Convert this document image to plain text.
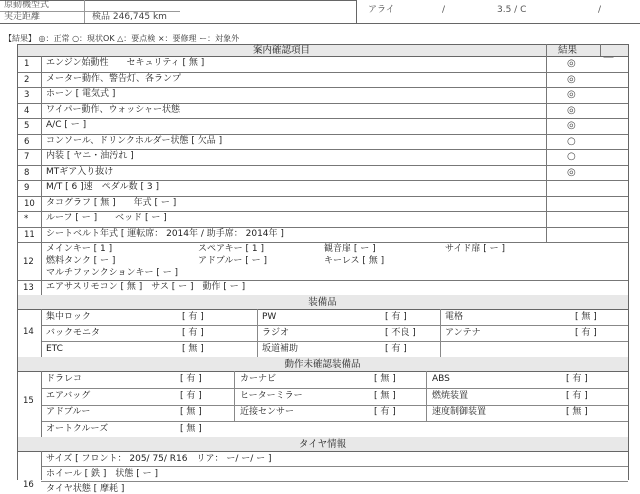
原動機型式
実走距離	検品 246,745 km
アライ	/	3.5 / C	/
【結果】 ◎：正常 ○：現状OK △：要点検 ×：要修理 ー：対象外
案内確認項目	結果
1 エンジン始動性　　セキュリティ [ 無 ]	◎
2 メーター動作、警告灯、各ランプ	◎
3 ホーン [ 電気式 ]	◎
4 ワイパー動作、ウォッシャー状態	◎
5 A/C [ ー ]	◎
6 コンソール、ドリンクホルダー状態 [ 欠品 ]	○
7 内装 [ ヤニ・油汚れ ]	○
8 MTギア入り抜け	◎
9 M/T [ 6 ]速　ペダル数 [ 3 ]
10 タコグラフ [ 無 ]　　年式 [ ー ]
* ルーフ [ ー ]　　ベッド [ ー ]
11 シートベルト年式 [ 運転席： 2014年 / 助手席： 2014年 ]
12
メインキー [ 1 ]	スペアキー [ 1 ]	観音扉 [ ー ]	サイド扉 [ ー ]
燃料タンク [ ー ]	アドブルー [ ー ]	キーレス [ 無 ]
マルチファンクションキー [ ー ]
13 エアサスリモコン [ 無 ]　サス [ ー ]　動作 [ ー ]
装備品
集中ロック	[ 有 ]	PW	[ 有 ]	電格	[ 無 ]
バックモニタ	[ 有 ]	ラジオ	[ 不良 ]	アンテナ	[ 有 ]
ETC	[ 無 ]	坂道補助	[ 有 ]
14
動作未確認装備品
ドラレコ	[ 有 ]	カーナビ	[ 無 ]	ABS	[ 有 ]
エアバッグ	[ 有 ]	ヒーターミラー	[ 無 ]	燃焼装置	[ 有 ]
アドブルー	[ 無 ]	近接センサー	[ 有 ]	速度制御装置	[ 無 ]
オートクルーズ	[ 無 ]
15
タイヤ情報
サイズ [ フロント： 205/ 75/ R16　リア： ー/ ー/ ー ]
ホイール [ 鉄 ]　状態 [ ー ]
タイヤ状態 [ 摩耗 ]
16
